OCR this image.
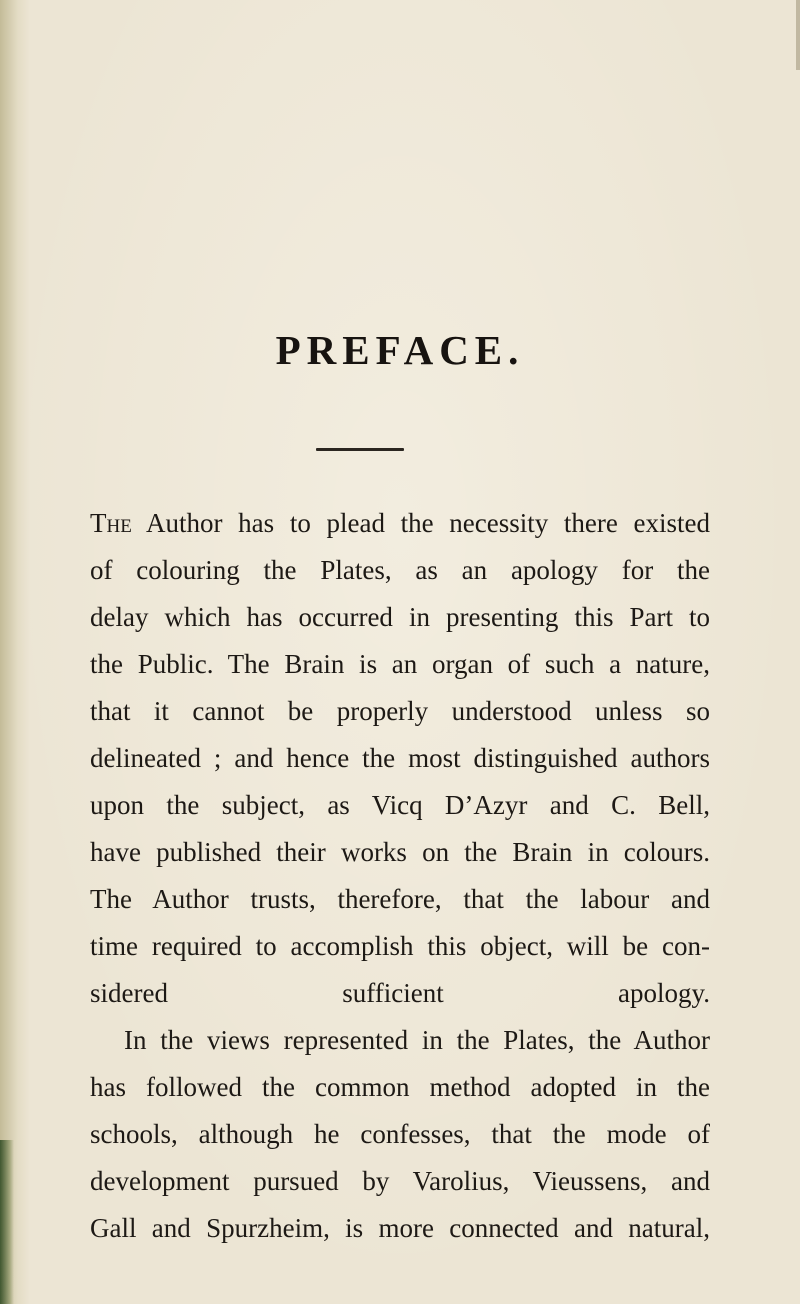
PREFACE.

The Author has to plead the necessity there existed
of colouring the Plates, as an apology for the
delay which has occurred in presenting this Part to
the Public. The Brain is an organ of such a nature,
that it cannot be properly understood unless so
delineated ; and hence the most distinguished authors
upon the subject, as Vicq D’Azyr and C. Bell,
have published their works on the Brain in colours.
The Author trusts, therefore, that the labour and
time required to accomplish this object, will be con-
sidered sufficient apology.

In the views represented in the Plates, the Author
has followed the common method adopted in the
schools, although he confesses, that the mode of
development pursued by Varolius, Vieussens, and
Gall and Spurzheim, is more connected and natural,
